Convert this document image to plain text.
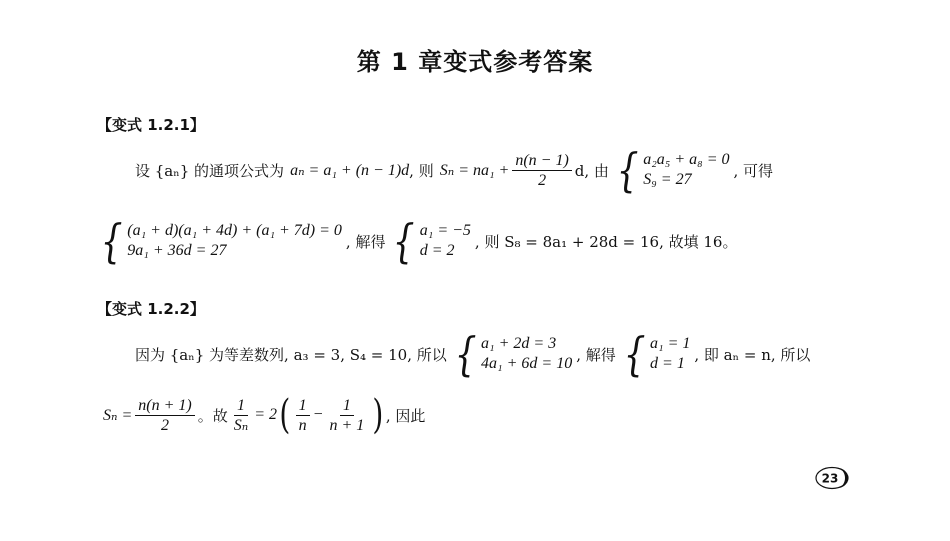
第 1 章变式参考答案
【变式 1.2.1】
设 {aₙ} 的通项公式为 aₙ = a₁ + (n − 1)d , 则 $S_n = na_1 + \frac{n(n - 1)}{2} d$, 由 { a₂a₅ + a₈ = 0
S₉ = 27	, 可得
{ (a₁ + d)(a₁ + 4d) + (a₁ + 7d) = 0
9a₁ + 36d = 27	, 解得 { a₁ = −5
d = 2	, 则 S₈ = 8a₁ + 28d = 16, 故填 16。
【变式 1.2.2】
因为 {aₙ} 为等差数列, a₃ = 3, S₄ = 10, 所以 { a₁ + 2d = 3
4a₁ + 6d = 10 , 解得 { a₁ = 1
d = 1 , 即 aₙ = n, 所以
$S_n = \frac{n(n + 1)}{2}$ 。故 $\frac{1}{\text{Sₙ}} = 2$ ( $\frac{1}{n} - \frac{1}{n + 1}$ ) , 因此
23
